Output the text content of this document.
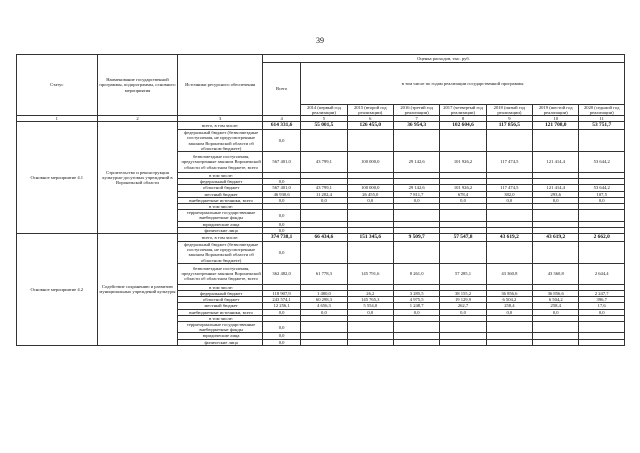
39
Статус	Наименование государственной программы, подпрограммы, основного мероприятия	Источники ресурсного обеспечения	Оценка расходов, тыс. руб.							
			Всего	в том числе по годам реализации государственной программы						
				2014 (первый год реализации)	2015 (второй год реализации)	2016 (третий год реализации)	2017 (четвертый год реализации)	2018 (пятый год реализации)	2019 (шестой год реализации)	2020 (седьмой год реализации)
1	2	3	4	5	6	7	8	9	10	11
Основное мероприятие 4.1	Строительство и реконструкция культурно-досуговых учреждений в Воронежской области	всего, в том числе:	614 331,6	55 001,5	126 455,0	36 954,3	102 604,6	117 856,5	121 708,0	53 751,7
		федеральный бюджет (безвозмездные поступления, не предусмотренные законом Воронежской области об областном бюджете)	0,0							
		безвозмездные поступления, предусмотренные законом Воронежской области об областном бюджете, всего	567 401,0	43 799,1	100 000,0	29 142,6	101 926,2	117 474,5	121 414,4	53 644,2
		в том числе:								
		федеральный бюджет	0,0							
		областной бюджет	567 401,0	43 799,1	100 000,0	29 142,6	101 926,2	117 474,5	121 414,4	53 644,2
		местный бюджет	46 930,6	11 202,4	26 455,0	7 811,7	678,4	382,0	293,6	107,5
		внебюджетные источники, всего	0,0	0,0	0,0	0,0	0,0	0,0	0,0	0,0
		в том числе:								
		территориальные государственные внебюджетные фонды	0,0							
		юридические лица	0,0							
		физические лица	0,0							
Основное мероприятие 4.2	Содействие сохранению и развитию муниципальных учреждений культуры	всего, в том числе:	374 738,1	66 434,6	151 345,6	9 509,7	57 547,8	43 619,2	43 619,2	2 662,0
		федеральный бюджет (безвозмездные поступления, не предусмотренные законом Воронежской области об областном бюджете)	0,0							
		безвозмездные поступления, предусмотренные законом Воронежской области об областном бюджете, всего	362 482,0	61 778,3	145 791,6	8 261,0	57 285,1	43 360,8	43 360,8	2 644,4
		в том числе:								
		федеральный бюджет	118 907,9	1 480,0	26,2	3 285,5	38 155,2	36 856,6	36 856,6	2 247,7
		областной бюджет	243 574,1	60 298,3	145 765,3	4 975,5	19 129,9	6 504,2	6 504,2	396,7
		местный бюджет	12 256,1	4 656,3	5 554,0	1 248,7	262,7	258,4	258,4	17,6
		внебюджетные источники, всего	0,0	0,0	0,0	0,0	0,0	0,0	0,0	0,0
		в том числе:								
		территориальные государственные внебюджетные фонды	0,0							
		юридические лица	0,0							
		физические лица	0,0							
